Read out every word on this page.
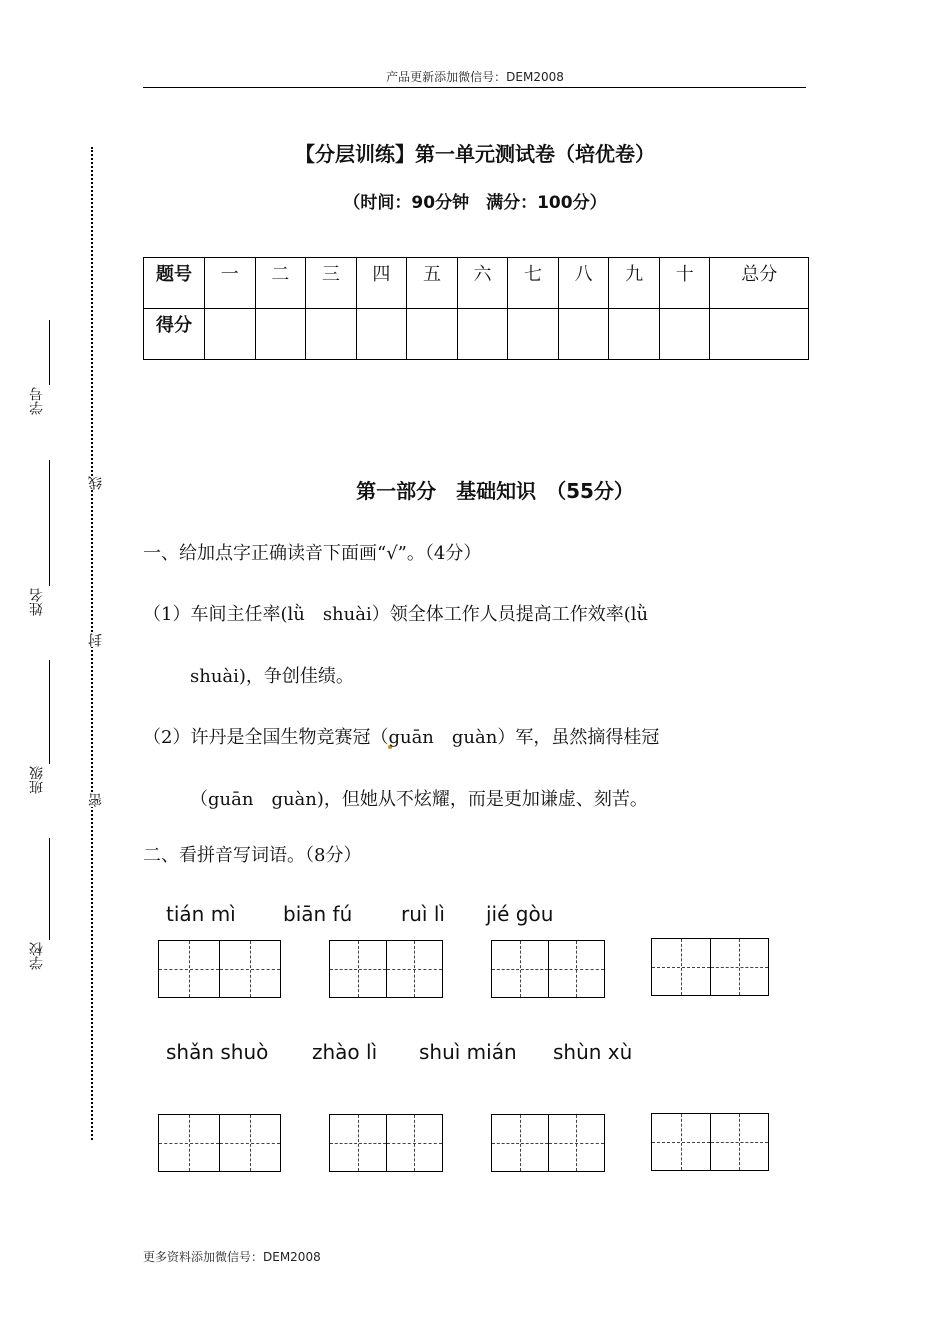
产品更新添加微信号：DEM2008
【分层训练】第一单元测试卷（培优卷）
（时间：90分钟　满分：100分）
题号	一	二	三	四	五	六	七	八	九	十	总分
得分											
学校
班级
姓名
学号
密
封
线	第一部分　基础知识　（55分）
一、给加点字正确读音下面画“√”。（4分）
（1）车间主任率(lǜ　shuài）领全体工作人员提高工作效率(lǜ
shuài)，争创佳绩。
（2）许丹是全国生物竞赛冠（guān　guàn）军，虽然摘得桂冠
（guān　guàn)，但她从不炫耀，而是更加谦虚、刻苦。
二、看拼音写词语。（8分）
tián mì biān fú ruì lì jié gòu
shǎn shuò zhào lì shuì mián shùn xù
更多资料添加微信号：DEM2008
